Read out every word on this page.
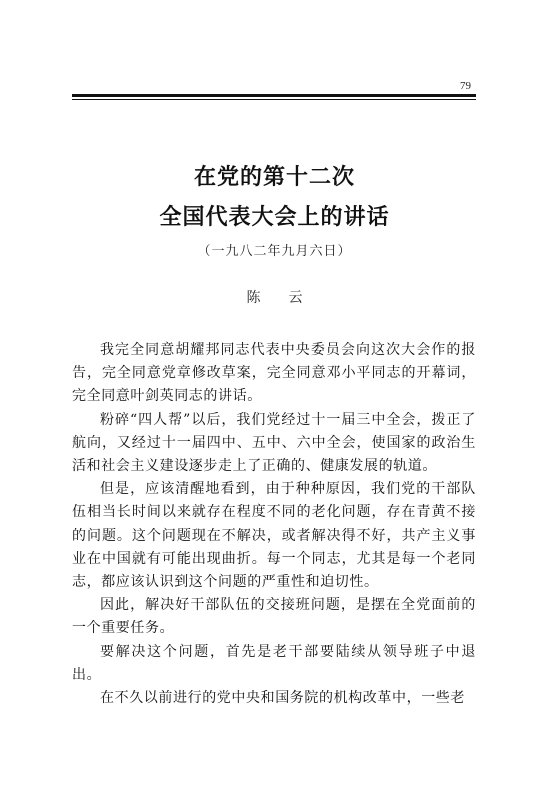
79
在党的第十二次
全国代表大会上的讲话
（一九八二年九月六日）
陈云

我完全同意胡耀邦同志代表中央委员会向这次大会作的报告，完全同意党章修改草案，完全同意邓小平同志的开幕词，完全同意叶剑英同志的讲话。

粉碎“四人帮”以后，我们党经过十一届三中全会，拨正了航向，又经过十一届四中、五中、六中全会，使国家的政治生活和社会主义建设逐步走上了正确的、健康发展的轨道。

但是，应该清醒地看到，由于种种原因，我们党的干部队伍相当长时间以来就存在程度不同的老化问题，存在青黄不接的问题。这个问题现在不解决，或者解决得不好，共产主义事业在中国就有可能出现曲折。每一个同志，尤其是每一个老同志，都应该认识到这个问题的严重性和迫切性。

因此，解决好干部队伍的交接班问题，是摆在全党面前的一个重要任务。

要解决这个问题，首先是老干部要陆续从领导班子中退出。

在不久以前进行的党中央和国务院的机构改革中，一些老
